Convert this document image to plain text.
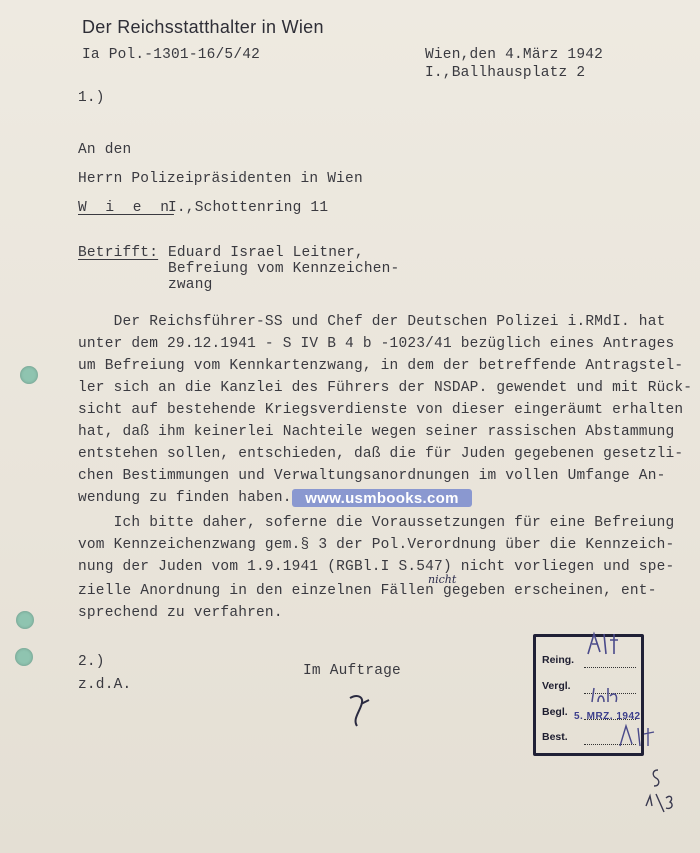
Der Reichsstatthalter in Wien
Ia Pol.-1301-16/5/42	Wien,den 4.März 1942
I.,Ballhausplatz 2
1.)
An den
Herrn Polizeipräsidenten in Wien
W i e n
I.,Schottenring 11
Betrifft: Eduard Israel Leitner,
Befreiung vom Kennzeichen-
zwang
Der Reichsführer-SS und Chef der Deutschen Polizei i.RMdI. hat
unter dem 29.12.1941 - S IV B 4 b -1023/41 bezüglich eines Antrages
um Befreiung vom Kennkartenzwang, in dem der betreffende Antragstel-
ler sich an die Kanzlei des Führers der NSDAP. gewendet und mit Rück-
sicht auf bestehende Kriegsverdienste von dieser eingeräumt erhalten
hat, daß ihm keinerlei Nachteile wegen seiner rassischen Abstammung
entstehen sollen, entschieden, daß die für Juden gegebenen gesetzli-
chen Bestimmungen und Verwaltungsanordnungen im vollen Umfange An-
wendung zu finden haben. www.usmbooks.com
Ich bitte daher, soferne die Voraussetzungen für eine Befreiung
vom Kennzeichenzwang gem.§ 3 der Pol.Verordnung über die Kennzeich-
nung der Juden vom 1.9.1941 (RGBl.I S.547) nicht vorliegen und spe-
zielle Anordnung in den einzelnen Fällen gegeben erscheinen, ent-
sprechend zu verfahren.
nicht
2.)
z.d.A.
Im Auftrage
Reing.
Vergl.
Begl.
Best.
5. MRZ. 1942
